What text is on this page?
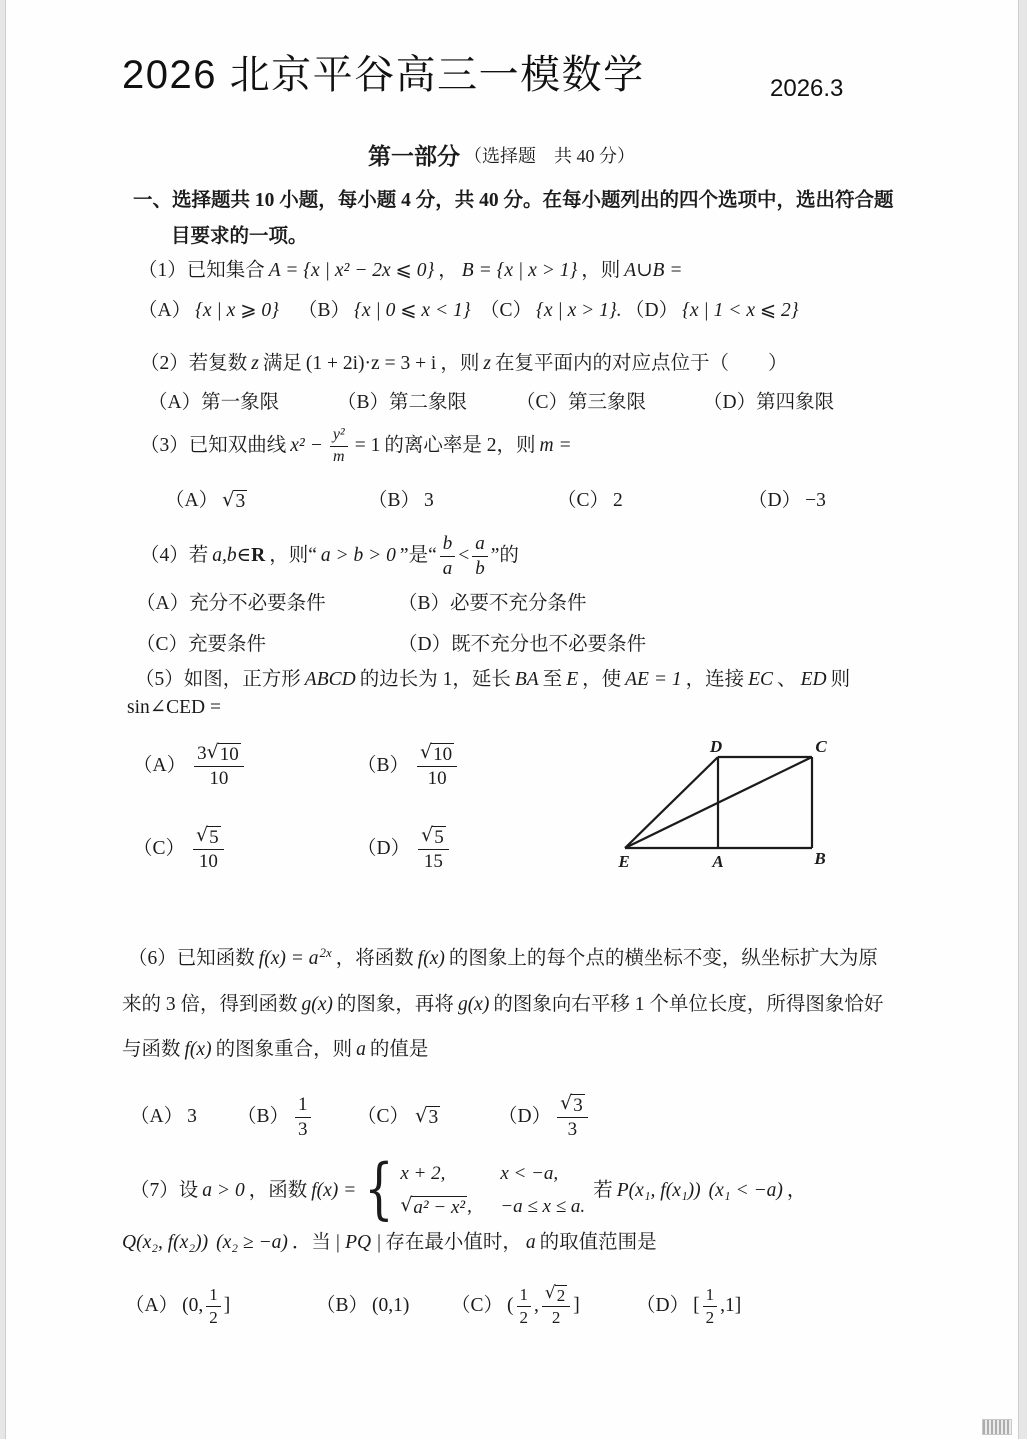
2026 北京平谷高三一模数学	2026.3
第一部分 （选择题　共 40 分）
一、选择题共 10 小题，每小题 4 分，共 40 分。在每小题列出的四个选项中，选出符合题
目要求的一项。
（1） 已知集合 A = {x | x² − 2x ⩽ 0} ， B = {x | x > 1} ，则 A∪B =
（A） {x | x ⩾ 0} （B） {x | 0 ⩽ x < 1} （C） {x | x > 1}. （D） {x | 1 < x ⩽ 2}
（2） 若复数 z 满足 (1 + 2i)·z = 3 + i ，则 z 在复平面内的对应点位于（　　）
（A） 第一象限	（B） 第二象限	（C） 第三象限	（D） 第四象限
（3） 已知双曲线 $x^2 - \frac{\text{y²}}{m} = 1$ 的离心率是 2，则 m =
（A） √ 3	（B） 3	（C） 2	（D） −3
（4） 若 a,b∈ R ，则“ a > b > 0 ”是“ $\frac{b}{a} < \frac{a}{b}$ ”的
（A） 充分不必要条件	（B） 必要不充分条件
（C） 充要条件	（D） 既不充分也不必要条件
（5） 如图，正方形 ABCD 的边长为 1，延长 BA 至 E ，使 AE = 1 ，连接 EC 、 ED 则
sin∠CED =
$(A) \frac{3 √ 10}{10}$	$(B) \frac{√ 10}{10}$
$(C) \frac{√ 5}{10}$	$(D) \frac{√ 5}{15}$
D	C
E	A	B
（6） 已知函数 $f(x) = a^{2x}$ ，将函数 f(x) 的图象上的每个点的横坐标不变，纵坐标扩大为原
来的 3 倍，得到函数 g(x) 的图象，再将 g(x) 的图象向右平移 1 个单位长度，所得图象恰好
与函数 f(x) 的图象重合，则 a 的值是
（A） 3 $(B) \frac{1}{3} (C)$ √ 3	$(D) \frac{√ 3}{3}$
（7） 设 a > 0 ，函数 f(x) = { x + 2,	x < −a,
√ a² − x² , −a ≤ x ≤ a.
若 P(x₁, f(x₁)) (x₁ < −a) ，
Q(x₂, f(x₂)) (x₂ ≥ −a) ．当 | PQ | 存在最小值时， a 的取值范围是
（A） (0, $\frac{1}{2}$ ]	（B） (0,1) （C） ( $\frac{1}{2}$ , $\frac{√ 2}{2}$ ]	（D） [ $\frac{1}{2} ,1$]
